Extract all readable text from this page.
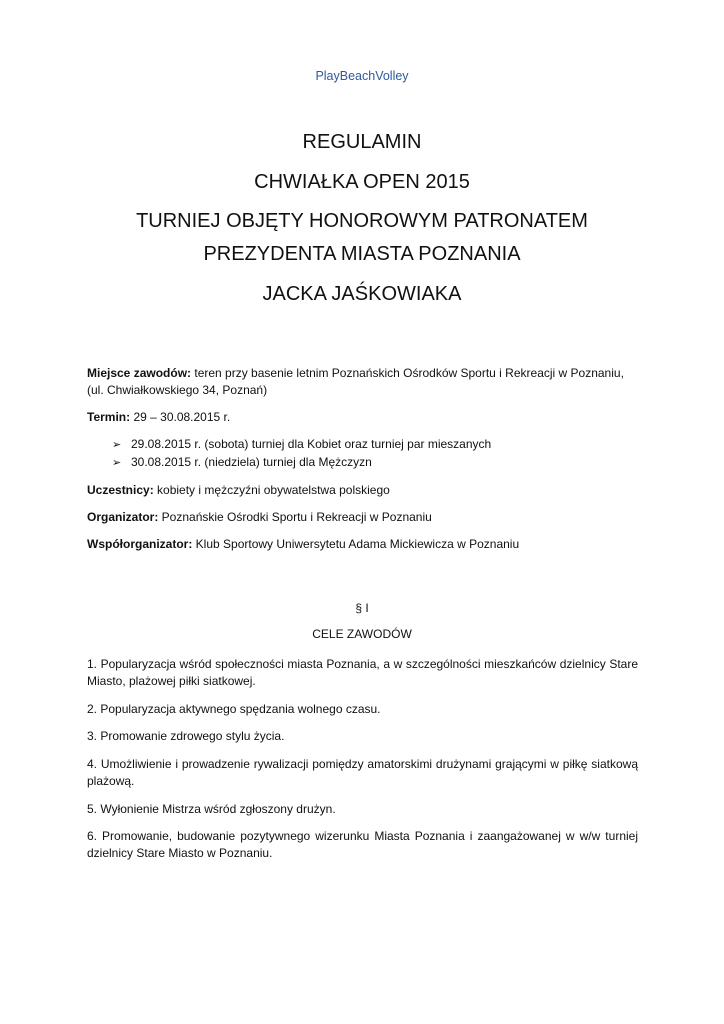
PlayBeachVolley
REGULAMIN
CHWIAŁKA OPEN 2015
TURNIEJ OBJĘTY HONOROWYM PATRONATEM
PREZYDENTA MIASTA POZNANIA
JACKA JAŚKOWIAKA
Miejsce zawodów: teren przy basenie letnim Poznańskich Ośrodków Sportu i Rekreacji w Poznaniu,
(ul. Chwiałkowskiego 34, Poznań)
Termin: 29 – 30.08.2015 r.
➢ 29.08.2015 r. (sobota) turniej dla Kobiet oraz turniej par mieszanych
➢ 30.08.2015 r. (niedziela) turniej dla Mężczyzn
Uczestnicy: kobiety i mężczyźni obywatelstwa polskiego
Organizator: Poznańskie Ośrodki Sportu i Rekreacji w Poznaniu
Współorganizator: Klub Sportowy Uniwersytetu Adama Mickiewicza w Poznaniu
§ I
CELE ZAWODÓW
1. Popularyzacja wśród społeczności miasta Poznania, a w szczególności mieszkańców dzielnicy Stare Miasto, plażowej piłki siatkowej.
2. Popularyzacja aktywnego spędzania wolnego czasu.
3. Promowanie zdrowego stylu życia.
4. Umożliwienie i prowadzenie rywalizacji pomiędzy amatorskimi drużynami grającymi w piłkę siatkową plażową.
5. Wyłonienie Mistrza wśród zgłoszony drużyn.
6. Promowanie, budowanie pozytywnego wizerunku Miasta Poznania i zaangażowanej w w/w turniej dzielnicy Stare Miasto w Poznaniu.
